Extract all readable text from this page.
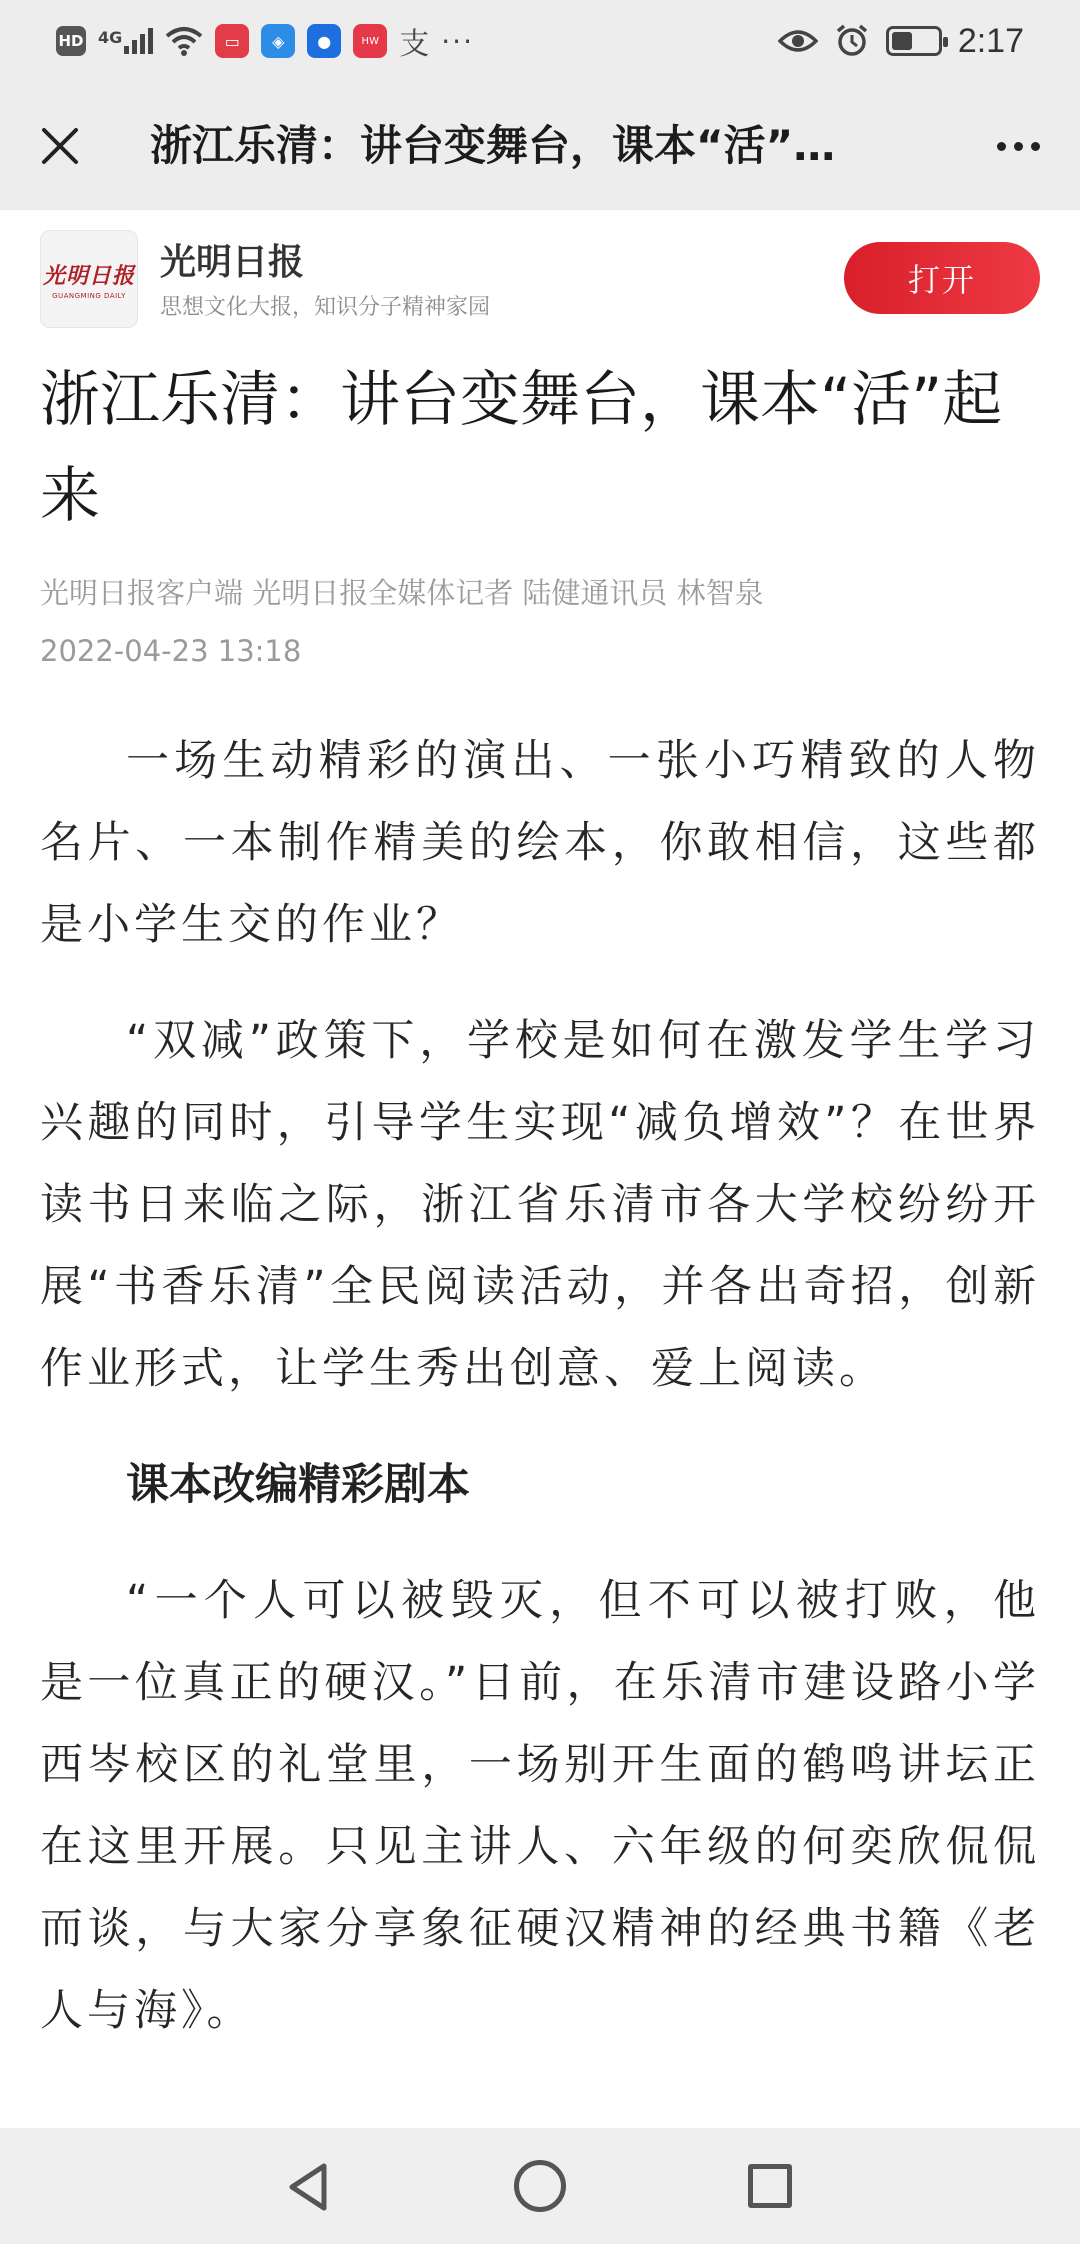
HD 4G	▭	◈	●	HW 支 ···	2:17
浙江乐清：讲台变舞台，课本“活”…
光明日报
GUANGMING DAILY
光明日报
思想文化大报，知识分子精神家园
打开
浙江乐清：讲台变舞台，课本“活”起来
光明日报客户端 光明日报全媒体记者 陆健通讯员 林智泉
2022-04-23 13:18

一场生动精彩的演出、一张小巧精致的人物名片、一本制作精美的绘本，你敢相信，这些都是小学生交的作业？

“双减”政策下，学校是如何在激发学生学习兴趣的同时，引导学生实现“减负增效”？在世界读书日来临之际，浙江省乐清市各大学校纷纷开展“书香乐清”全民阅读活动，并各出奇招，创新作业形式，让学生秀出创意、爱上阅读。

课本改编精彩剧本

“一个人可以被毁灭，但不可以被打败，他是一位真正的硬汉。”日前，在乐清市建设路小学西岑校区的礼堂里，一场别开生面的鹤鸣讲坛正在这里开展。只见主讲人、六年级的何奕欣侃侃而谈，与大家分享象征硬汉精神的经典书籍《老人与海》。
